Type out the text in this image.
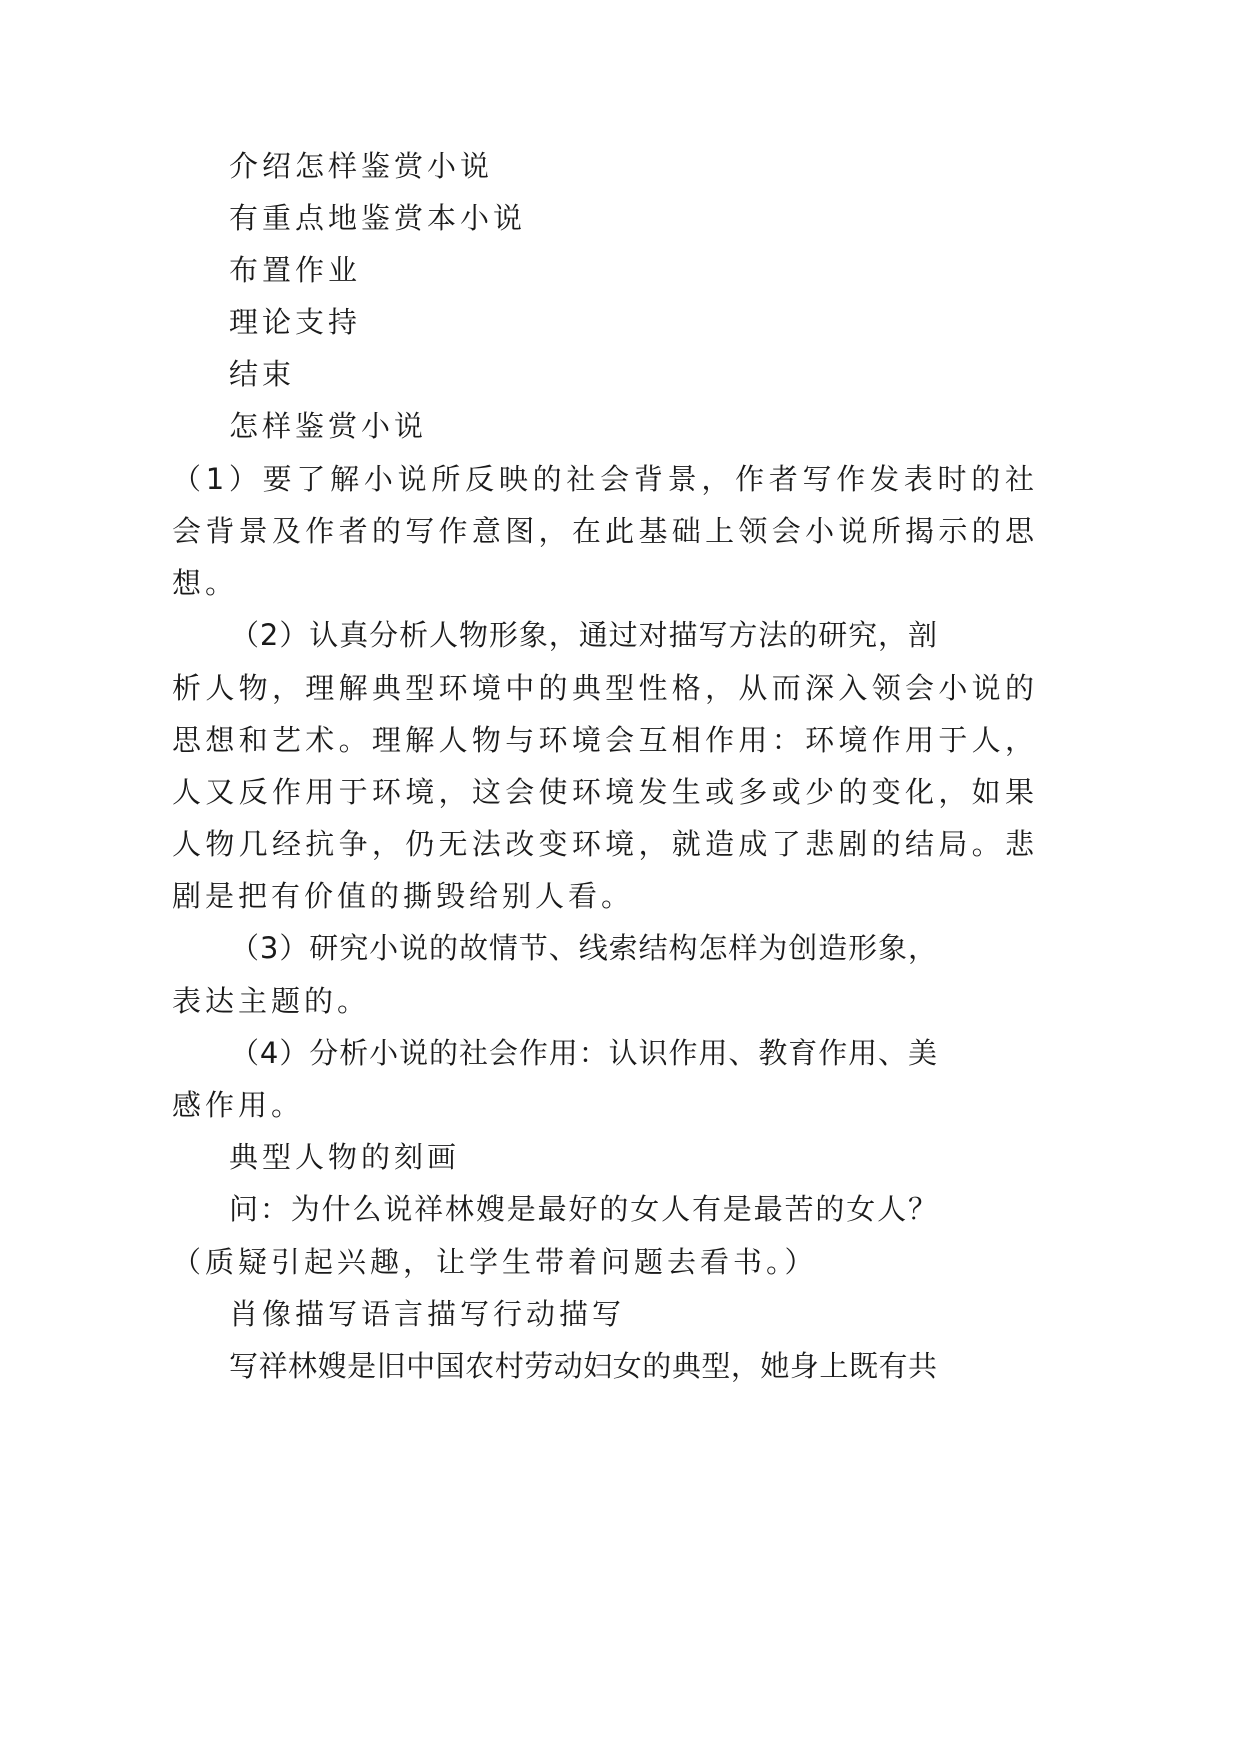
介绍怎样鉴赏小说

有重点地鉴赏本小说

布置作业

理论支持

结束

怎样鉴赏小说

（1）要了解小说所反映的社会背景，作者写作发表时的社

会背景及作者的写作意图，在此基础上领会小说所揭示的思

想。

（2）认真分析人物形象，通过对描写方法的研究，剖

析人物，理解典型环境中的典型性格，从而深入领会小说的

思想和艺术。理解人物与环境会互相作用：环境作用于人，

人又反作用于环境，这会使环境发生或多或少的变化，如果

人物几经抗争，仍无法改变环境，就造成了悲剧的结局。悲

剧是把有价值的撕毁给别人看。

（3）研究小说的故情节、线索结构怎样为创造形象，

表达主题的。

（4）分析小说的社会作用：认识作用、教育作用、美

感作用。

典型人物的刻画

问：为什么说祥林嫂是最好的女人有是最苦的女人？

（质疑引起兴趣，让学生带着问题去看书。）

肖像描写语言描写行动描写

写祥林嫂是旧中国农村劳动妇女的典型，她身上既有共
